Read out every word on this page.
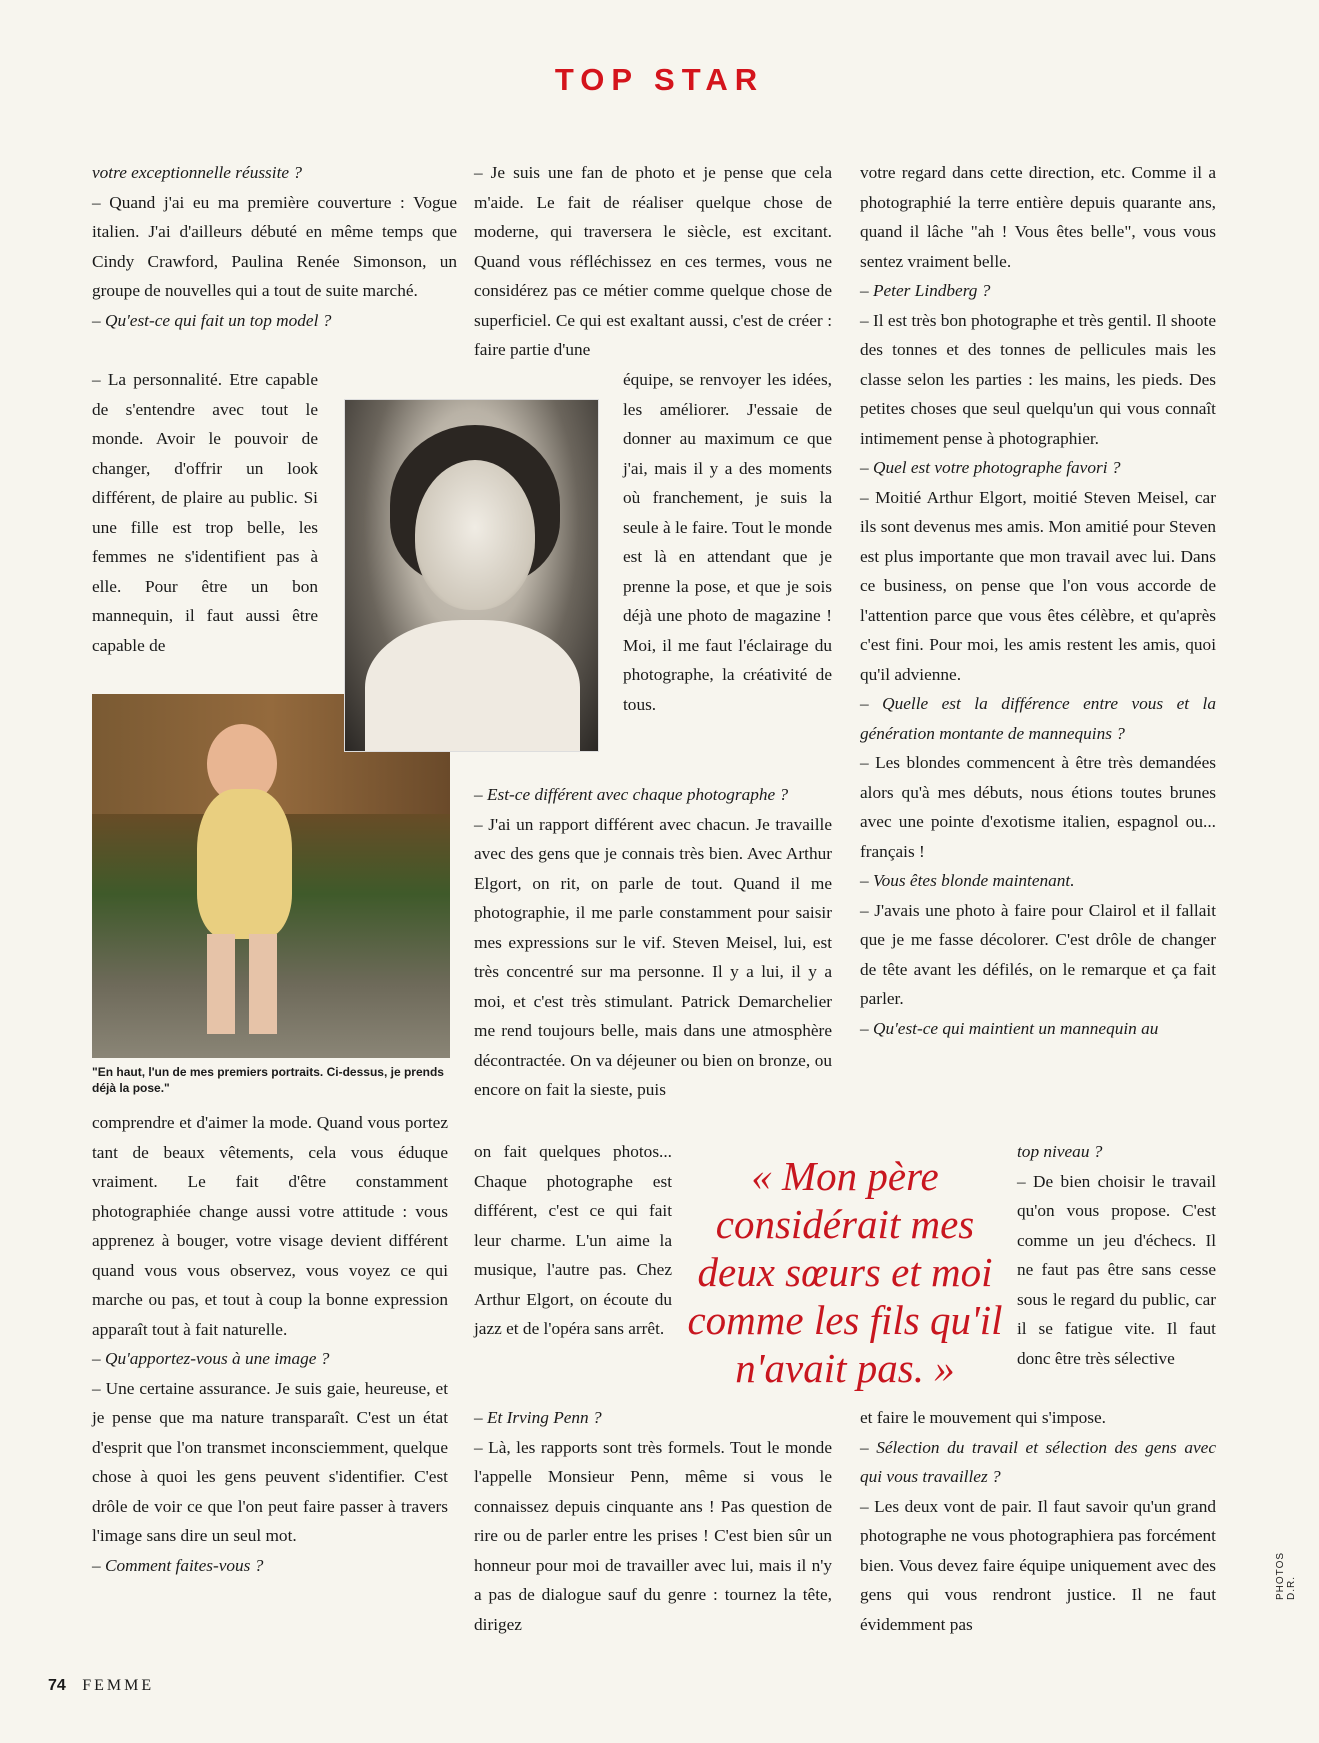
TOP STAR

votre exceptionnelle réussite ?

– Quand j'ai eu ma première couverture : Vogue italien. J'ai d'ailleurs débuté en même temps que Cindy Crawford, Paulina Renée Simonson, un groupe de nouvelles qui a tout de suite marché.

– Qu'est-ce qui fait un top model ?

– La personnalité. Etre capable de s'entendre avec tout le monde. Avoir le pouvoir de changer, d'offrir un look différent, de plaire au public. Si une fille est trop belle, les femmes ne s'identifient pas à elle. Pour être un bon mannequin, il faut aussi être capable de

comprendre et d'aimer la mode. Quand vous portez tant de beaux vêtements, cela vous éduque vraiment. Le fait d'être constamment photographiée change aussi votre attitude : vous apprenez à bouger, votre visage devient différent quand vous vous observez, vous voyez ce qui marche ou pas, et tout à coup la bonne expression apparaît tout à fait naturelle.

– Qu'apportez-vous à une image ?

– Une certaine assurance. Je suis gaie, heureuse, et je pense que ma nature transparaît. C'est un état d'esprit que l'on transmet inconsciemment, quelque chose à quoi les gens peuvent s'identifier. C'est drôle de voir ce que l'on peut faire passer à travers l'image sans dire un seul mot.

– Comment faites-vous ?

– Je suis une fan de photo et je pense que cela m'aide. Le fait de réaliser quelque chose de moderne, qui traversera le siècle, est excitant. Quand vous réfléchissez en ces termes, vous ne considérez pas ce métier comme quelque chose de superficiel. Ce qui est exaltant aussi, c'est de créer : faire partie d'une

équipe, se renvoyer les idées, les améliorer. J'essaie de donner au maximum ce que j'ai, mais il y a des moments où franchement, je suis la seule à le faire. Tout le monde est là en attendant que je prenne la pose, et que je sois déjà une photo de magazine ! Moi, il me faut l'éclairage du photographe, la créativité de tous.

– Est-ce différent avec chaque photographe ?

– J'ai un rapport différent avec chacun. Je travaille avec des gens que je connais très bien. Avec Arthur Elgort, on rit, on parle de tout. Quand il me photographie, il me parle constamment pour saisir mes expressions sur le vif. Steven Meisel, lui, est très concentré sur ma personne. Il y a lui, il y a moi, et c'est très stimulant. Patrick Demarchelier me rend toujours belle, mais dans une atmosphère décontractée. On va déjeuner ou bien on bronze, ou encore on fait la sieste, puis

on fait quelques photos... Chaque photographe est différent, c'est ce qui fait leur charme. L'un aime la musique, l'autre pas. Chez Arthur Elgort, on écoute du jazz et de l'opéra sans arrêt.

– Et Irving Penn ?

– Là, les rapports sont très formels. Tout le monde l'appelle Monsieur Penn, même si vous le connaissez depuis cinquante ans ! Pas question de rire ou de parler entre les prises ! C'est bien sûr un honneur pour moi de travailler avec lui, mais il n'y a pas de dialogue sauf du genre : tournez la tête, dirigez

votre regard dans cette direction, etc. Comme il a photographié la terre entière depuis quarante ans, quand il lâche "ah ! Vous êtes belle", vous vous sentez vraiment belle.

– Peter Lindberg ?

– Il est très bon photographe et très gentil. Il shoote des tonnes et des tonnes de pellicules mais les classe selon les parties : les mains, les pieds. Des petites choses que seul quelqu'un qui vous connaît intimement pense à photographier.

– Quel est votre photographe favori ?

– Moitié Arthur Elgort, moitié Steven Meisel, car ils sont devenus mes amis. Mon amitié pour Steven est plus importante que mon travail avec lui. Dans ce business, on pense que l'on vous accorde de l'attention parce que vous êtes célèbre, et qu'après c'est fini. Pour moi, les amis restent les amis, quoi qu'il advienne.

– Quelle est la différence entre vous et la génération montante de mannequins ?

– Les blondes commencent à être très demandées alors qu'à mes débuts, nous étions toutes brunes avec une pointe d'exotisme italien, espagnol ou... français !

– Vous êtes blonde maintenant.

– J'avais une photo à faire pour Clairol et il fallait que je me fasse décolorer. C'est drôle de changer de tête avant les défilés, on le remarque et ça fait parler.

– Qu'est-ce qui maintient un mannequin au

top niveau ?

– De bien choisir le travail qu'on vous propose. C'est comme un jeu d'échecs. Il ne faut pas être sans cesse sous le regard du public, car il se fatigue vite. Il faut donc être très sélective

et faire le mouvement qui s'impose.

– Sélection du travail et sélection des gens avec qui vous travaillez ?

– Les deux vont de pair. Il faut savoir qu'un grand photographe ne vous photographiera pas forcément bien. Vous devez faire équipe uniquement avec des gens qui vous rendront justice. Il ne faut évidemment pas

"En haut, l'un de mes premiers portraits. Ci-dessus, je prends déjà la pose."
« Mon père considérait mes deux sœurs et moi comme les fils qu'il n'avait pas. »
74 FEMME
PHOTOS D.R.
